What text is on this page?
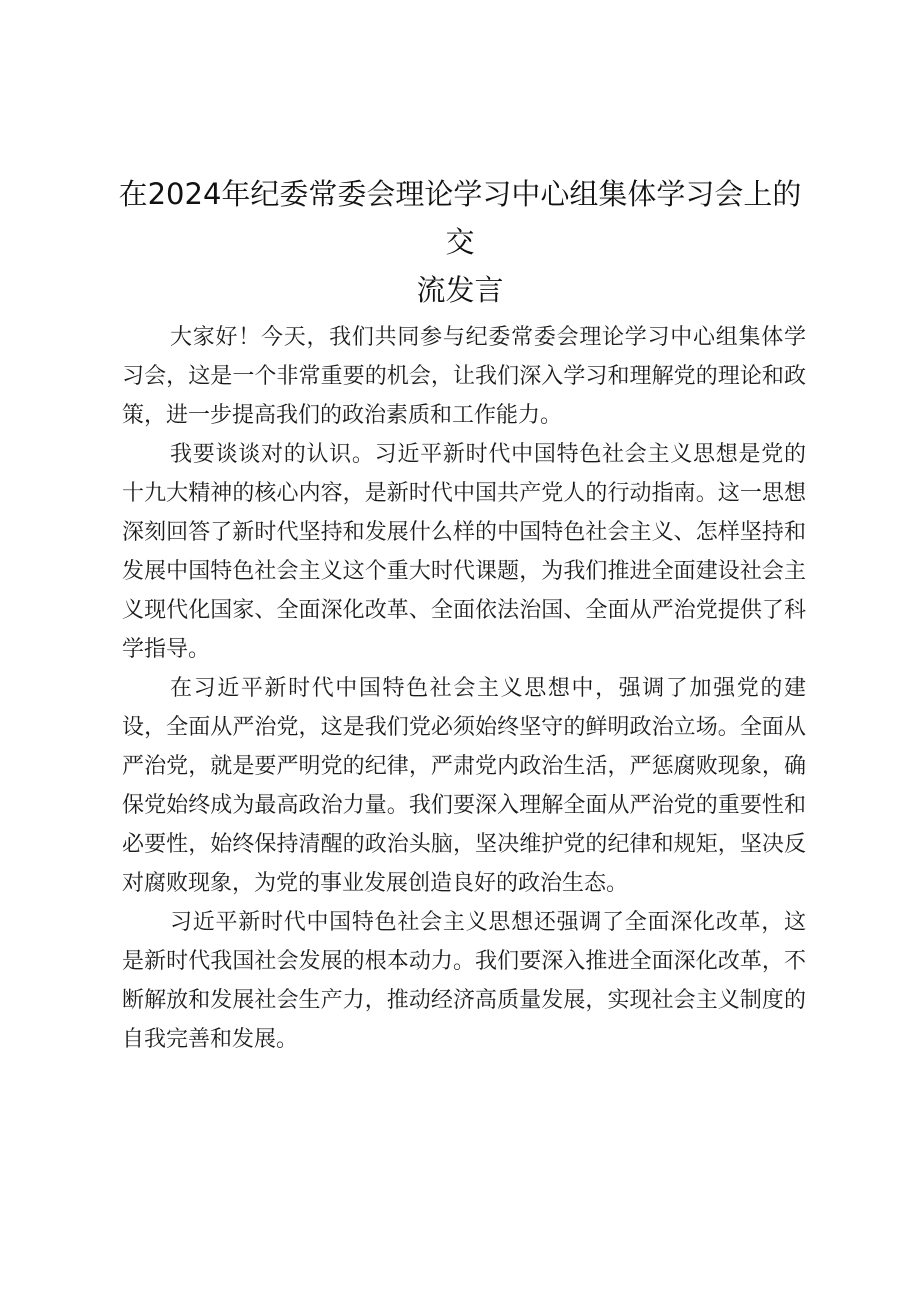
在2024年纪委常委会理论学习中心组集体学习会上的交
流发言

大家好！今天，我们共同参与纪委常委会理论学习中心组集体学习会，这是一个非常重要的机会，让我们深入学习和理解党的理论和政策，进一步提高我们的政治素质和工作能力。

我要谈谈对的认识。习近平新时代中国特色社会主义思想是党的十九大精神的核心内容，是新时代中国共产党人的行动指南。这一思想深刻回答了新时代坚持和发展什么样的中国特色社会主义、怎样坚持和发展中国特色社会主义这个重大时代课题，为我们推进全面建设社会主义现代化国家、全面深化改革、全面依法治国、全面从严治党提供了科学指导。

在习近平新时代中国特色社会主义思想中，强调了加强党的建设，全面从严治党，这是我们党必须始终坚守的鲜明政治立场。全面从严治党，就是要严明党的纪律，严肃党内政治生活，严惩腐败现象，确保党始终成为最高政治力量。我们要深入理解全面从严治党的重要性和必要性，始终保持清醒的政治头脑，坚决维护党的纪律和规矩，坚决反对腐败现象，为党的事业发展创造良好的政治生态。

习近平新时代中国特色社会主义思想还强调了全面深化改革，这是新时代我国社会发展的根本动力。我们要深入推进全面深化改革，不断解放和发展社会生产力，推动经济高质量发展，实现社会主义制度的自我完善和发展。
